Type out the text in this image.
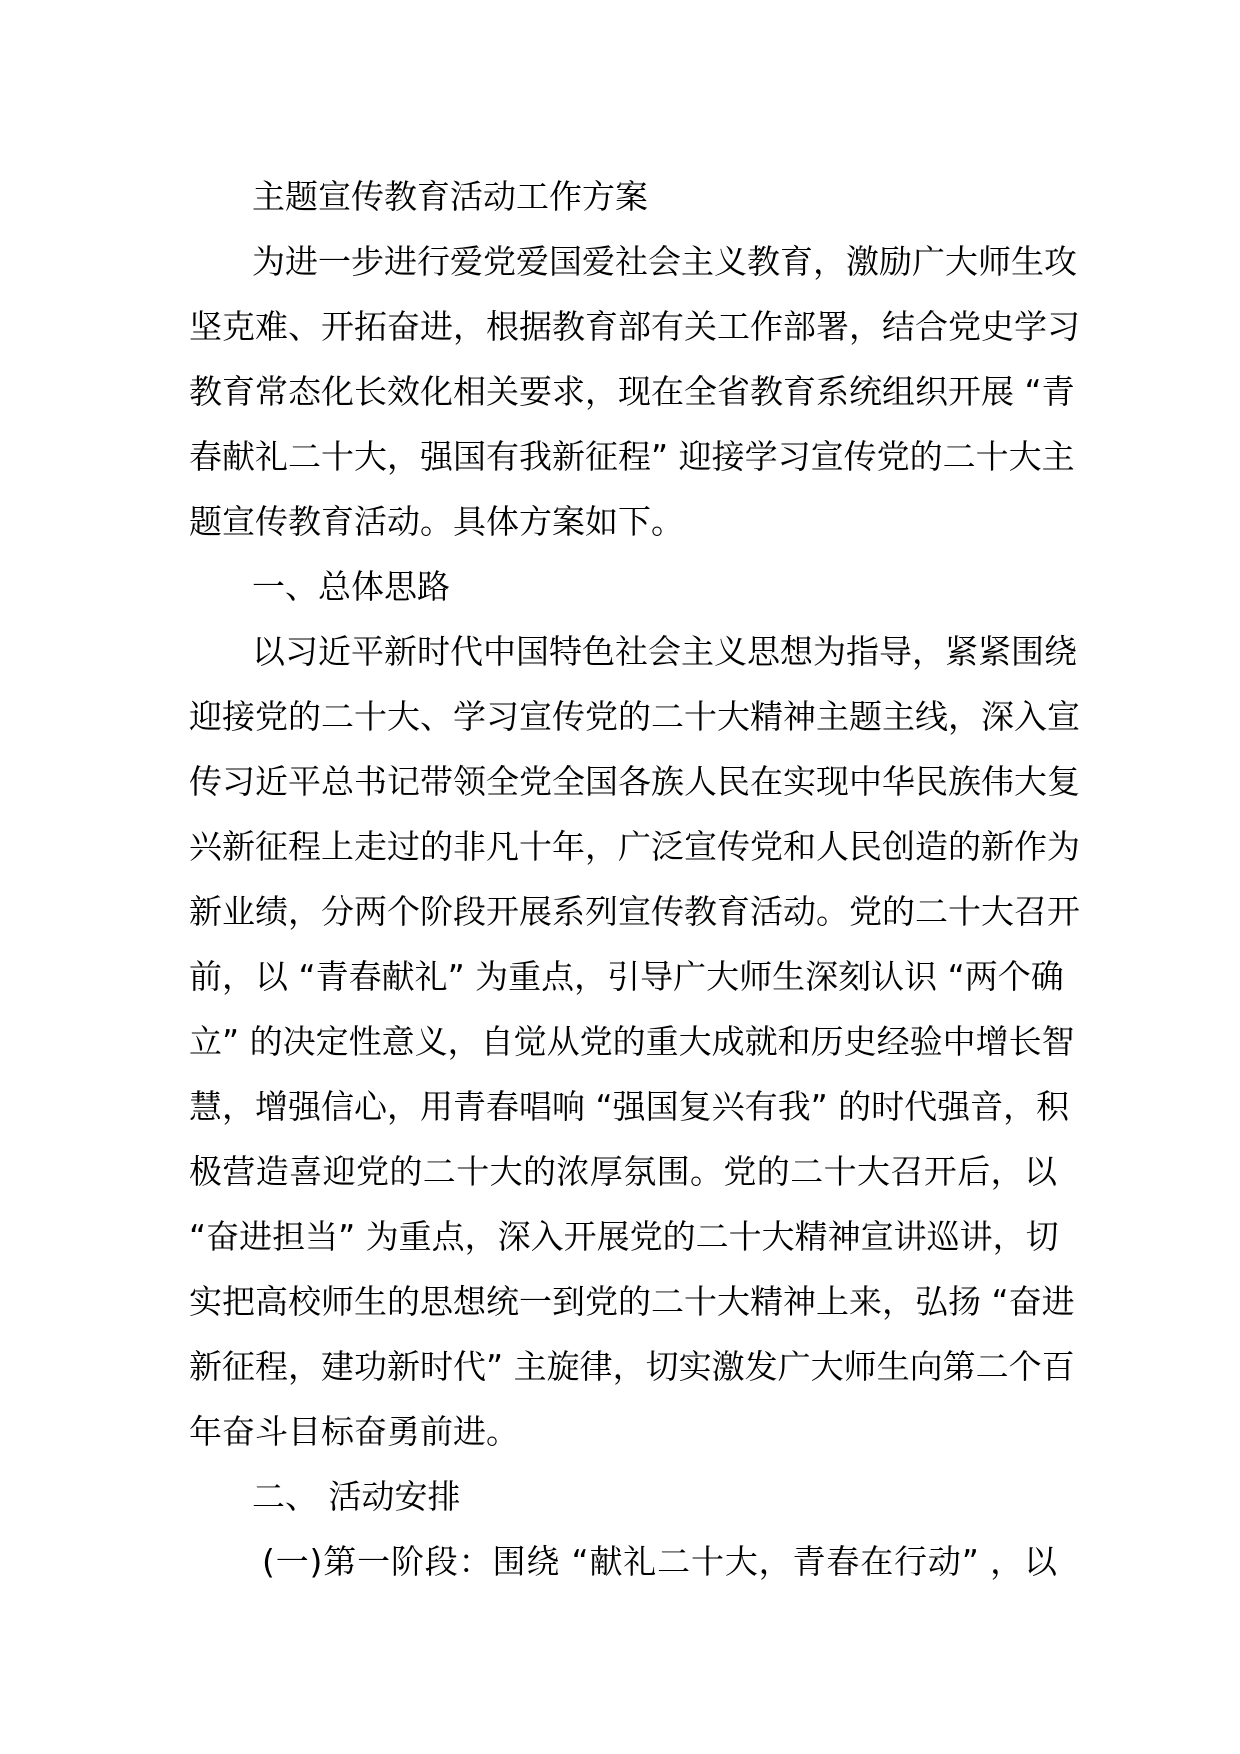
主题宣传教育活动工作方案
为进一步进行爱党爱国爱社会主义教育，激励广大师生攻
坚克难、开拓奋进，根据教育部有关工作部署，结合党史学习
教育常态化长效化相关要求，现在全省教育系统组织开展 “青
春献礼二十大，强国有我新征程” 迎接学习宣传党的二十大主
题宣传教育活动。具体方案如下。
一、总体思路
以习近平新时代中国特色社会主义思想为指导，紧紧围绕
迎接党的二十大、学习宣传党的二十大精神主题主线，深入宣
传习近平总书记带领全党全国各族人民在实现中华民族伟大复
兴新征程上走过的非凡十年，广泛宣传党和人民创造的新作为
新业绩，分两个阶段开展系列宣传教育活动。党的二十大召开
前，以 “青春献礼” 为重点，引导广大师生深刻认识 “两个确
立” 的决定性意义，自觉从党的重大成就和历史经验中增长智
慧，增强信心，用青春唱响 “强国复兴有我” 的时代强音，积
极营造喜迎党的二十大的浓厚氛围。党的二十大召开后，以
“奋进担当” 为重点，深入开展党的二十大精神宣讲巡讲，切
实把高校师生的思想统一到党的二十大精神上来，弘扬 “奋进
新征程，建功新时代” 主旋律，切实激发广大师生向第二个百
年奋斗目标奋勇前进。
二、 活动安排
(一)第一阶段：围绕 “献礼二十大，青春在行动” ，以
